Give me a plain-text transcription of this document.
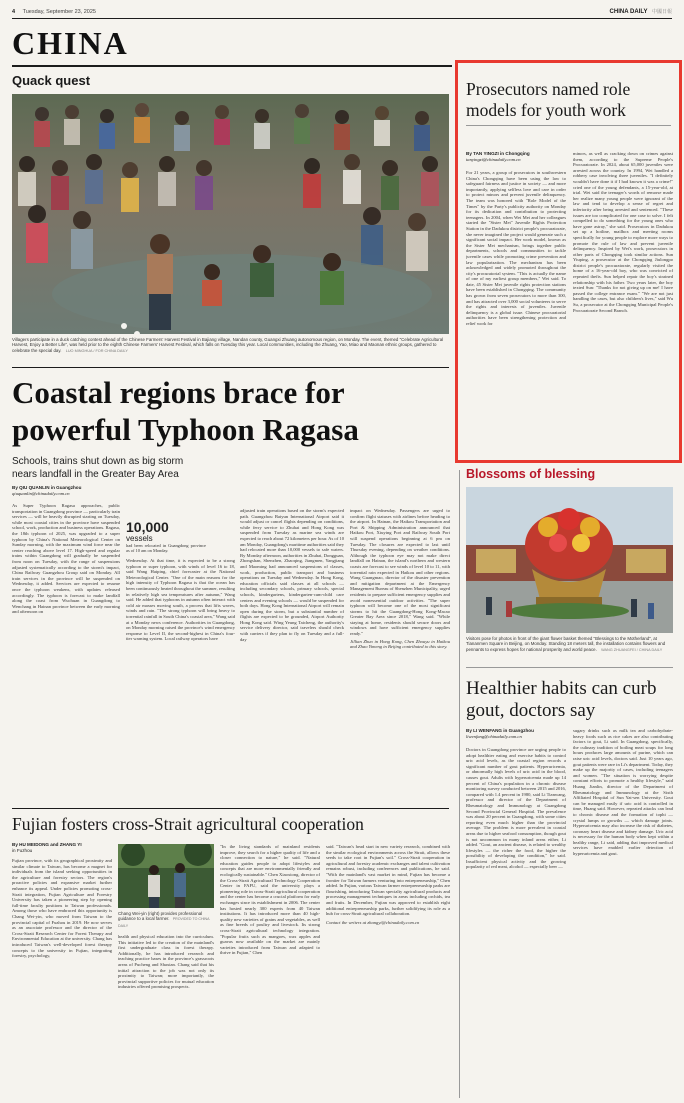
4 Tuesday, September 23, 2025	CHINA DAILY 中國日報
CHINA
Quack quest
Villagers participate in a duck catching contest ahead of the Chinese Farmers' Harvest Festival in Bajiang village, Nandan county, Guangxi Zhuang autonomous region, on Monday. The event, themed "Celebrate Agricultural Harvest, Enjoy a Better Life", was held prior to the eighth Chinese Farmers' Harvest Festival, which falls on Tuesday this year. Local communities, including the Zhuang, Yao, Miao and Maonan ethnic groups, gathered to celebrate the special day. LUO MINGHUA / FOR CHINA DAILY
Prosecutors named role models for youth work
By TAN YINGZI in Chongqing
tanyingzi@chinadaily.com.cn
For 21 years, a group of prosecutors in southwestern China's Chongqing have been using the law to safeguard fairness and justice in society — and more importantly, applying selfless love and care in order to protect minors and prevent juvenile delinquency. The team was honored with "Role Model of the Times" by the Party's publicity authority on Monday for its dedication and contribution to protecting teenagers. In 2004, when Wei Mei and her colleagues started the "Sister Mei" Juvenile Rights Protection Station in the Dadukou district people's procuratorate, she never imagined the project would generate such a significant social impact. Her work model, known as the Sister Mei mechanism, brings together public departments, schools and communities to tackle juvenile cases while promoting crime prevention and law popularization. The mechanism has been acknowledged and widely promoted throughout the city's procuratorial system. "This is actually the name of one of my earliest group members," Wei said. To date, 45 Sister Mei juvenile rights protection stations have been established in Chongqing. The community has grown from seven prosecutors to more than 300, and has attracted over 3,000 social volunteers to serve the rights and interests of juveniles. Juvenile delinquency is a global issue. Chinese procuratorial authorities have been strengthening protection and relief work for
minors, as well as cracking down on crimes against them, according to the Supreme People's Procuratorate. In 2024, about 65,000 juveniles were arrested across the country. In 1994, Wei handled a robbery case involving three juveniles. "I definitely wouldn't have done it if I had known it was a crime!" cried one of the young defendants, a 15-year-old, at trial. Wei said the teenager's words of remorse made her realize many young people were ignorant of the law and tend to develop a sense of regret and inferiority after being arrested and sentenced. "These issues are too complicated for one case to solve. I felt compelled to do something for the young ones who have gone astray," she said. Prosecutors in Dadukou set up a hotline, mailbox and meeting rooms specifically for young people to explore more ways to promote the rule of law and prevent juvenile delinquency. Inspired by Wei's work, prosecutors in other parts of Chongqing took similar actions. Sun Yiuping, a prosecutor at the Chongqing Jiulongpo district people's procuratorate, regularly visited the home of a 16-year-old boy, who was convicted of repeated thefts. Sun helped repair the boy's strained relationship with his father. Two years later, the boy texted Sun: "Thanks for not giving up on me! I have passed the college entrance exam." "We are not just handling the cases, but also children's lives," said Wu Su, a prosecutor at the Chongqing Municipal People's Procuratorate Second Branch.
Coastal regions brace for powerful Typhoon Ragasa
Schools, trains shut down as big storm nears landfall in the Greater Bay Area
By QIU QUANLIN in Guangzhou
qiuquanlin@chinadaily.com.cn
10,000
vessels
had been relocated in Guangdong province as of 10 am on Monday.
As Super Typhoon Ragasa approaches, public transportation in Guangdong province — particularly train services — will be heavily disrupted starting on Tuesday, while most coastal cities in the province have suspended school, work, production and business operations. Ragasa, the 18th typhoon of 2025, was upgraded to a super typhoon by China's National Meteorological Center on Sunday morning, with the maximum wind force near the center reaching above level 17. High-speed and regular trains within Guangdong will gradually be suspended from noon on Tuesday, with the range of suspensions adjusted systematically according to the storm's impact, China Railway Guangzhou Group said on Monday. All train services in the province will be suspended on Wednesday, it added. Services are expected to resume once the typhoon weakens, with updates released accordingly. The typhoon is forecast to make landfall along the coast from Wuchuan in Guangdong to Wenchang in Hainan province between the early morning and afternoon on
Wednesday. At that time, it is expected to be a strong typhoon or super typhoon, with winds of level 16 to 18, said Wang Haiping, chief forecaster at the National Meteorological Center. "One of the main reasons for the high intensity of Typhoon Ragasa is that the ocean has been continuously heated throughout the summer, resulting in relatively high sea temperatures after autumn," Wang said. He added that typhoons in autumn often interact with cold air masses moving south, a process that lifts waves, winds and rain. "The strong typhoon will bring heavy to torrential rainfall in South China's coastal area," Wang said at a Monday news conference. Authorities in Guangdong, on Monday morning raised the province's wind emergency response to Level II, the second-highest in China's four-tier warning system. Local railway operators have
adjusted train operations based on the storm's expected path. Guangzhou Baiyun International Airport said it would adjust or cancel flights depending on conditions, while ferry service to Zhuhai and Hong Kong was suspended from Tuesday as marine sea winds are expected to reach about 72 kilometers per hour. As of 10 am Monday, Guangdong's maritime authorities said they had relocated more than 10,000 vessels to safe waters. By Monday afternoon, authorities in Zhuhai, Dongguan, Zhongshan, Shenzhen, Zhaoqing, Jiangmen, Yangjiang and Maoming had announced suspensions of classes, work, production, public transport and business operations on Tuesday and Wednesday. In Hong Kong, education officials said classes at all schools — including secondary schools, primary schools, special schools, kindergartens, kindergarten-cum-child care centers and evening schools — would be suspended for both days. Hong Kong International Airport will remain open during the storm, but a substantial number of flights are expected to be grounded, Airport Authority Hong Kong said. Wing Yeung Taicheng, the authority's service delivery director, said travelers should check with carriers if they plan to fly on Tuesday and a full-day
impact on Wednesday. Passengers are urged to confirm flight statuses with airlines before heading to the airport. In Hainan, the Haikou Transportation and Port & Shipping Administration announced that Haikou Port, Xiuying Port and Railway South Port will suspend operations beginning at 6 pm on Tuesday. The closures are expected to last until Thursday evening, depending on weather conditions. Although the typhoon eye may not make direct landfall on Hainan, the island's northern and western coasts are forecast to see winds of level 10 to 11, with torrential rain expected in Haikou and other regions. Wang Guangmao, director of the disaster prevention and mitigation department at the Emergency Management Bureau of Shenzhen Municipality, urged residents to prepare sufficient emergency supplies and avoid nonessential outdoor activities. "The super typhoon will become one of the most significant storms to hit the Guangdong-Hong Kong-Macao Greater Bay Area since 2018," Wang said. "While staying at home, residents should secure doors and windows and have sufficient emergency supplies ready."
Jillian Zhuo in Hong Kong, Chen Zhouyu in Haikou and Zhao Yimeng in Beijing contributed to this story.
Blossoms of blessing
Visitors pose for photos in front of the giant flower basket themed "Blessings to the Motherland", at Tiananmen Square in Beijing, on Monday. Standing 18 meters tall, the installation contains flowers and pennants to express hopes for national prosperity and world peace. WANG ZHUANGFEI / CHINA DAILY
Healthier habits can curb gout, doctors say
By LI WENFANG in Guangzhou
liwenfang@chinadaily.com.cn
Doctors in Guangdong province are urging people to adopt healthier eating and exercise habits to control uric acid levels, as the coastal region records a significant number of gout patients. Hyperuricemia, or abnormally high levels of uric acid in the blood, causes gout. Adults with hyperuricemia made up 14 percent of China's population in a chronic disease monitoring survey conducted between 2015 and 2016, compared with 1.4 percent in 1980, said Li Tianwang, professor and director of the Department of Rheumatology and Immunology at Guangdong Second Provincial General Hospital. The prevalence was about 20 percent in Guangdong, with some cities reporting even much higher than the provincial average. The problem is more prevalent in coastal areas due to higher seafood consumption, though gout is not uncommon in many inland areas either, Li added. "Gout, an ancient disease, is related to wealthy lifestyles — the richer the food, the higher the possibility of developing the condition," he said. Insufficient physical activity and the growing popularity of red meat, alcohol — especially beer —
sugary drinks such as milk tea and carbohydrate-heavy foods such as rice cakes are also contributing factors to gout, Li said. In Guangdong, specifically, the culinary tradition of boiling meat soups for long hours produces large amounts of purine, which can raise uric acid levels, doctors said. Just 10 years ago, gout patients were rare in Li's department. Today, they make up the majority of cases, including teenagers and women. "The situation is worrying despite constant efforts to promote a healthy lifestyle," said Huang Jianlin, director of the Department of Rheumatology and Immunology at the Sixth Affiliated Hospital of Sun Yat-sen University. Gout can be managed easily if uric acid is controlled in time, Huang said. However, repeated attacks can lead to chronic disease and the formation of tophi — crystal lumps or growths — which damage joints. Hyperuricemia may also increase the risk of diabetes, coronary heart disease and kidney damage. Uric acid is necessary for the human body when kept within a healthy range, Li said, adding that improved medical services have enabled earlier detection of hyperuricemia and gout.
Fujian fosters cross-Strait agricultural cooperation
By HU MEIDONG and ZHANG YI
in Fuzhou
Fujian province, with its geographical proximity and similar climate to Taiwan, has become a magnet for individuals from the island seeking opportunities in the agriculture and forestry sectors. The region's proactive policies and expansive market further enhance its appeal. Under policies promoting cross-Strait integration, Fujian Agriculture and Forestry University has taken a pioneering step by opening full-time faculty positions to Taiwan professionals. Among those who have embraced this opportunity is Chang Wei-yin, who moved from Taiwan to the provincial capital of Fuzhou in 2019. He now serves as an associate professor and the director of the Cross-Strait Research Center for Forest Therapy and Environmental Education at the university. Chang has introduced Taiwan's well-developed forest therapy concepts to the university in Fujian, integrating forestry, psychology,
Chang Wei-yin (right) provides professional guidance to a local farmer. PROVIDED TO CHINA DAILY
health and physical education into the curriculum. This initiative led to the creation of the mainland's first undergraduate class in forest therapy. Additionally, he has introduced research and teaching practice bases in the province's grassroots areas of Pucheng and Shaxian. Chang said that his initial attraction to the job was not only its proximity to Taiwan; more importantly, the provincial supportive policies for mutual education industries offered promising prospects.
"In the living standards of mainland residents improve, they search for a higher quality of life and a closer connection to nature," he said. "Natural education guides people to adopt lifestyles and concepts that are more environmentally friendly and ecologically sustainable." Chen Xiaoxiong, director of the Cross-Strait Agricultural Technology Cooperation Center in FAFU, said the university plays a pioneering role in cross-Strait agricultural cooperation and the center has become a crucial platform for early exchanges since its establishment in 2006. The center has hosted nearly 300 experts from 40 Taiwan institutions. It has introduced more than 40 high-quality new varieties of grains and vegetables, as well as fine breeds of poultry and livestock. Its strong cross-Strait agricultural technology integration. "Popular fruits such as mangoes, wax apples and guavas now available on the market are mainly varieties introduced from Taiwan and adapted to thrive in Fujian," Chen
said. "Taiwan's head start in new variety research, combined with the similar ecological environments across the Strait, allows these seeds to take root in Fujian's soil." Cross-Strait cooperation in agricultural and forestry academic exchanges and talent cultivation remains robust, including conferences and publications, he said. "With the mainland's vast market in mind, Fujian has become a frontier for Taiwan farmers venturing into entrepreneurship," Chen added. In Fujian, various Taiwan farmer entrepreneurship parks are flourishing, introducing Taiwan specialty agricultural products and processing management techniques in areas including orchids, tea and fruits. In December, Fujian was approved to establish eight additional entrepreneurship parks, further solidifying its role as a hub for cross-Strait agricultural collaboration.
Contact the writers at zhangyi@chinadaily.com.cn
